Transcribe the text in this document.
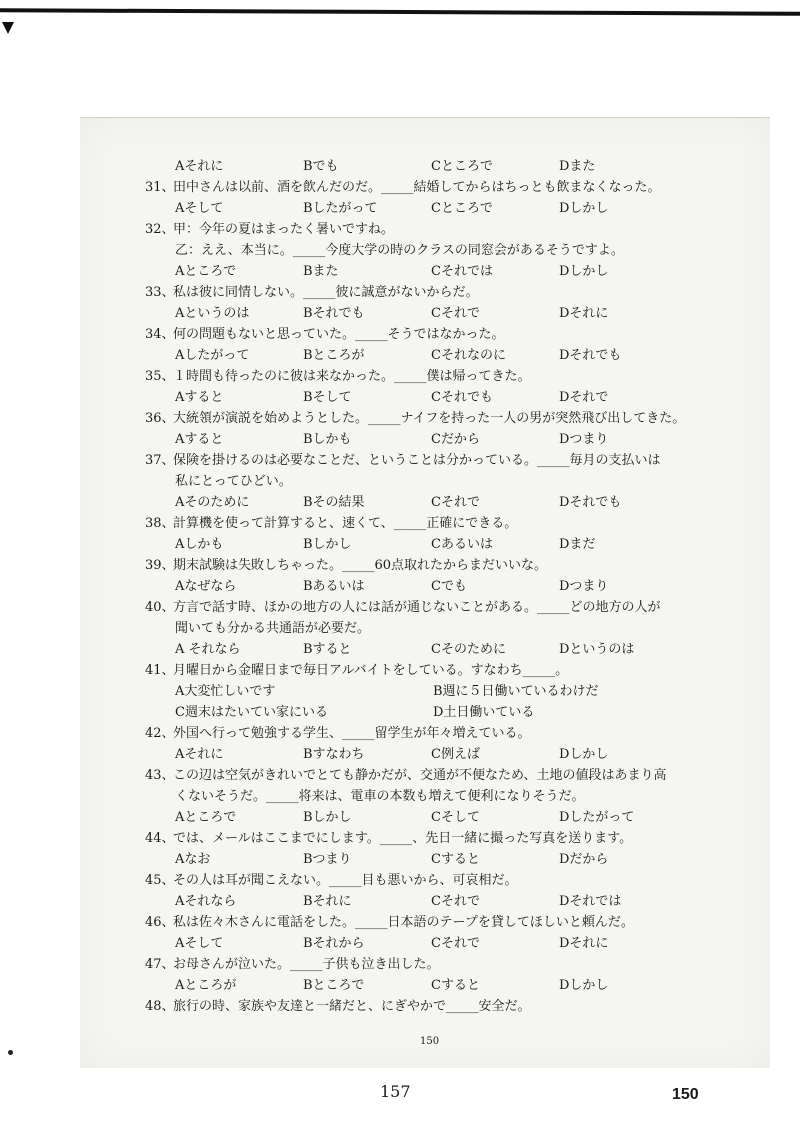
Aそれに	Bでも	Cところで	Dまた
31、田中さんは以前、酒を飲んだのだ。_____結婚してからはちっとも飲まなくなった。
Aそして	Bしたがって	Cところで	Dしかし
32、甲：今年の夏はまったく暑いですね。
乙：ええ、本当に。_____今度大学の時のクラスの同窓会があるそうですよ。
Aところで	Bまた	Cそれでは	Dしかし
33、私は彼に同情しない。_____彼に誠意がないからだ。
Aというのは	Bそれでも	Cそれで	Dそれに
34、何の問題もないと思っていた。_____そうではなかった。
Aしたがって	Bところが	Cそれなのに	Dそれでも
35、１時間も待ったのに彼は来なかった。_____僕は帰ってきた。
Aすると	Bそして	Cそれでも	Dそれで
36、大統領が演説を始めようとした。_____ナイフを持った一人の男が突然飛び出してきた。
Aすると	Bしかも	Cだから	Dつまり
37、保険を掛けるのは必要なことだ、ということは分かっている。_____毎月の支払いは
私にとってひどい。
Aそのために	Bその結果	Cそれで	Dそれでも
38、計算機を使って計算すると、速くて、_____正確にできる。
Aしかも	Bしかし	Cあるいは	Dまだ
39、期末試験は失敗しちゃった。_____60点取れたからまだいいな。
Aなぜなら	Bあるいは	Cでも	Dつまり
40、方言で話す時、ほかの地方の人には話が通じないことがある。_____どの地方の人が
聞いても分かる共通語が必要だ。
A それなら	Bすると	Cそのために	Dというのは
41、月曜日から金曜日まで毎日アルバイトをしている。すなわち_____。
A大変忙しいです	B週に５日働いているわけだ
C週末はたいてい家にいる	D土日働いている
42、外国へ行って勉強する学生、_____留学生が年々増えている。
Aそれに	Bすなわち	C例えば	Dしかし
43、この辺は空気がきれいでとても静かだが、交通が不便なため、土地の値段はあまり高
くないそうだ。_____将来は、電車の本数も増えて便利になりそうだ。
Aところで	Bしかし	Cそして	Dしたがって
44、では、メールはここまでにします。_____、先日一緒に撮った写真を送ります。
Aなお	Bつまり	Cすると	Dだから
45、その人は耳が聞こえない。_____目も悪いから、可哀相だ。
Aそれなら	Bそれに	Cそれで	Dそれでは
46、私は佐々木さんに電話をした。_____日本語のテープを貸してほしいと頼んだ。
Aそして	Bそれから	Cそれで	Dそれに
47、お母さんが泣いた。_____子供も泣き出した。
Aところが	Bところで	Cすると	Dしかし
48、旅行の時、家族や友達と一緒だと、にぎやかで_____安全だ。
150
157	150
